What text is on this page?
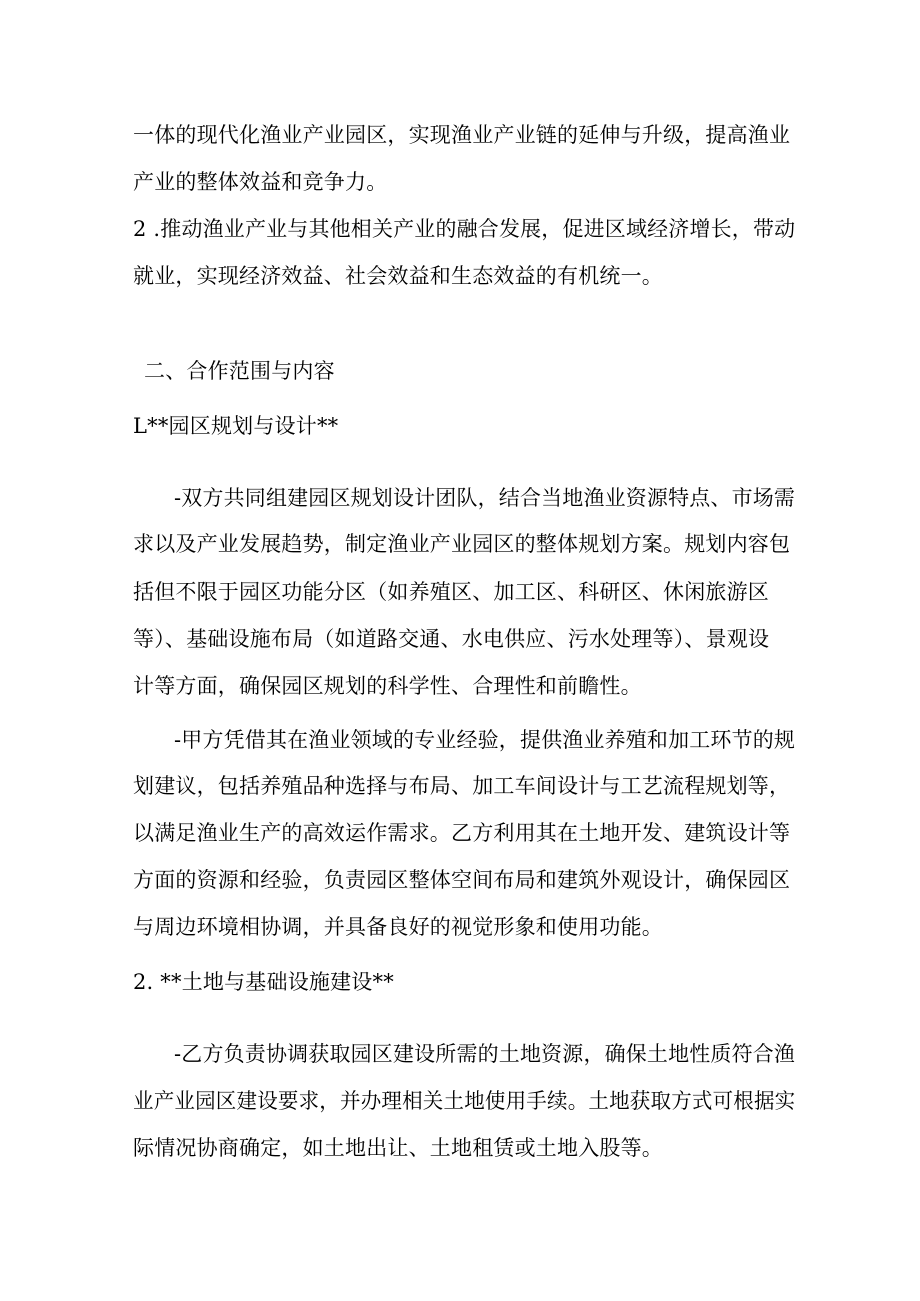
一体的现代化渔业产业园区，实现渔业产业链的延伸与升级，提高渔业
产业的整体效益和竞争力。
2 .推动渔业产业与其他相关产业的融合发展，促进区域经济增长，带动
就业，实现经济效益、社会效益和生态效益的有机统一。
二、合作范围与内容
L**园区规划与设计**
-双方共同组建园区规划设计团队，结合当地渔业资源特点、市场需
求以及产业发展趋势，制定渔业产业园区的整体规划方案。规划内容包
括但不限于园区功能分区（如养殖区、加工区、科研区、休闲旅游区
等）、基础设施布局（如道路交通、水电供应、污水处理等）、景观设
计等方面，确保园区规划的科学性、合理性和前瞻性。
-甲方凭借其在渔业领域的专业经验，提供渔业养殖和加工环节的规
划建议，包括养殖品种选择与布局、加工车间设计与工艺流程规划等，
以满足渔业生产的高效运作需求。乙方利用其在土地开发、建筑设计等
方面的资源和经验，负责园区整体空间布局和建筑外观设计，确保园区
与周边环境相协调，并具备良好的视觉形象和使用功能。
2. **土地与基础设施建设**
-乙方负责协调获取园区建设所需的土地资源，确保土地性质符合渔
业产业园区建设要求，并办理相关土地使用手续。土地获取方式可根据实
际情况协商确定，如土地出让、土地租赁或土地入股等。
